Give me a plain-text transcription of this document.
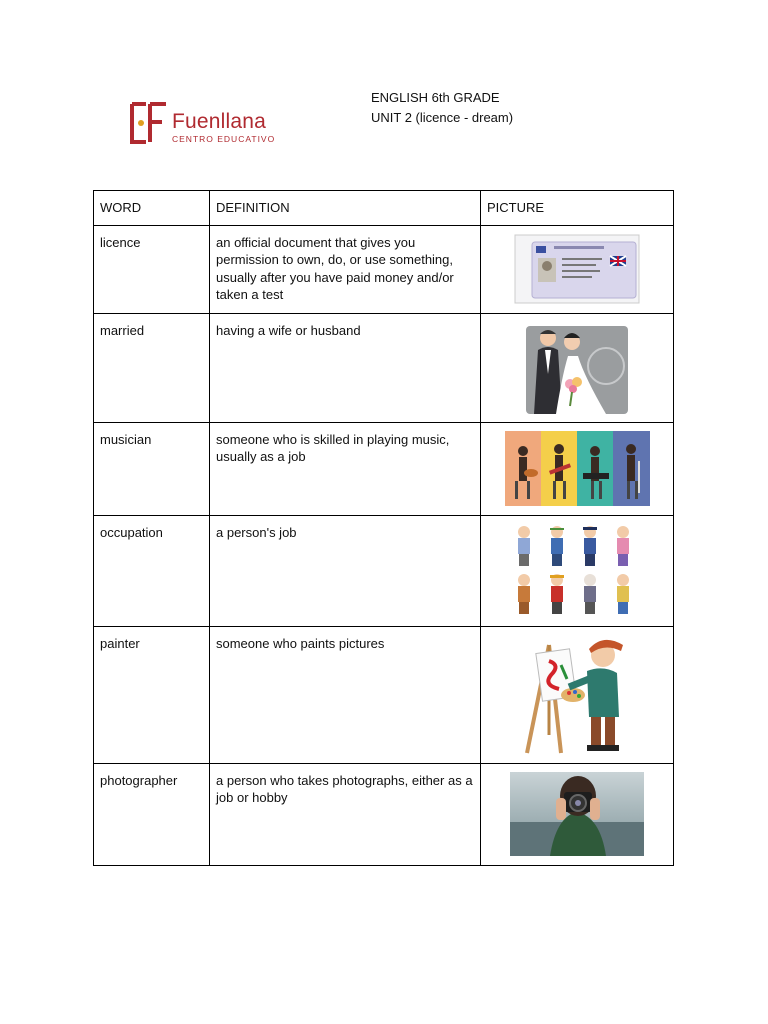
Fuenllana
CENTRO EDUCATIVO
ENGLISH 6th GRADE
UNIT 2 (licence - dream)
WORD	DEFINITION	PICTURE
licence	an official document that gives you permission to own, do, or use something, usually after you have paid money and/or taken a test	

married	having a wife or husband	

musician	someone who is skilled in playing music, usually as a job	

occupation	a person's job	

painter	someone who paints pictures	

photographer	a person who takes photographs, either as a job or hobby	
